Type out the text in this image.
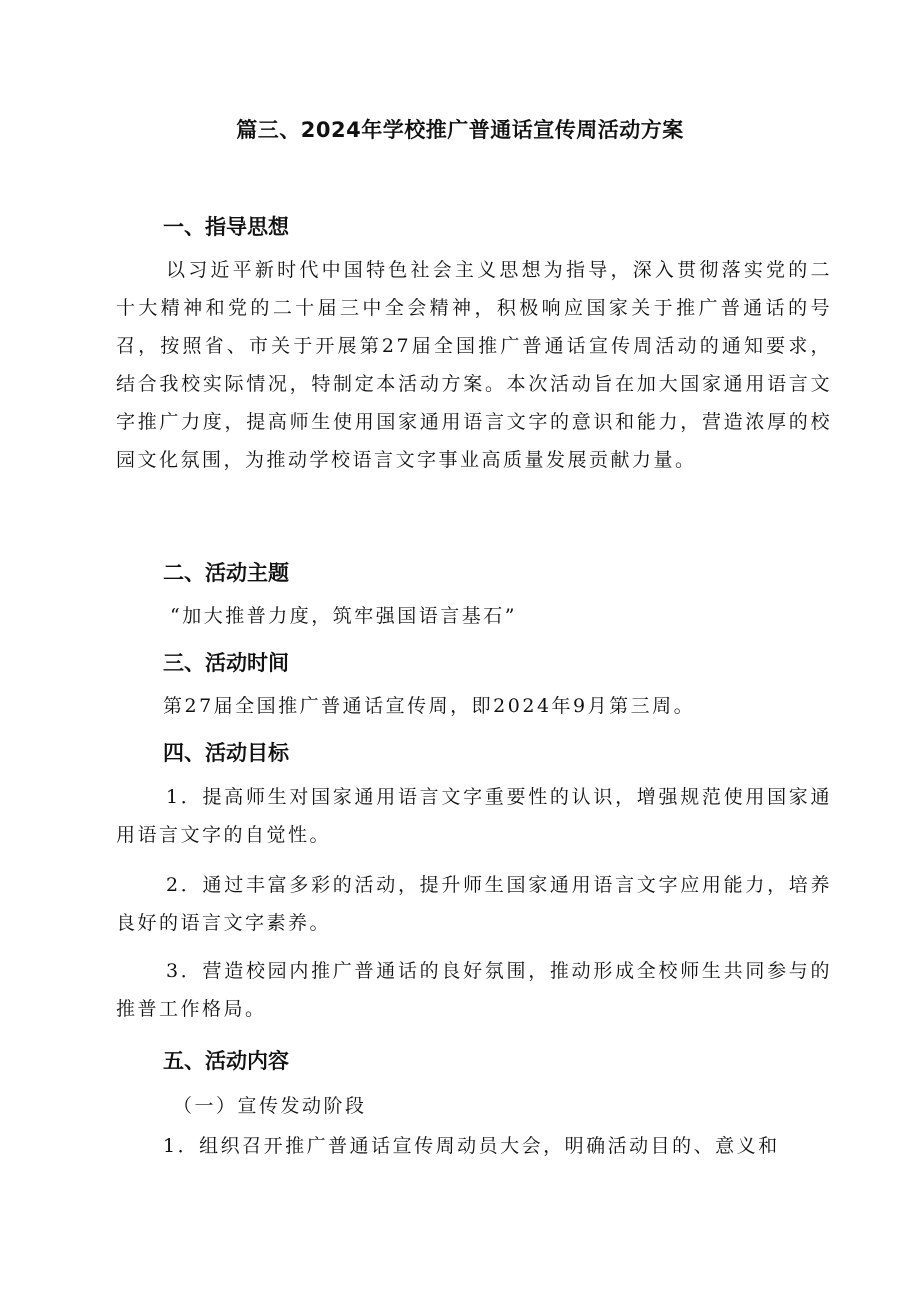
篇三、2024年学校推广普通话宣传周活动方案
一、指导思想

以习近平新时代中国特色社会主义思想为指导，深入贯彻落实党的二十大精神和党的二十届三中全会精神，积极响应国家关于推广普通话的号召，按照省、市关于开展第27届全国推广普通话宣传周活动的通知要求，结合我校实际情况，特制定本活动方案。本次活动旨在加大国家通用语言文字推广力度，提高师生使用国家通用语言文字的意识和能力，营造浓厚的校园文化氛围，为推动学校语言文字事业高质量发展贡献力量。

二、活动主题
“加大推普力度，筑牢强国语言基石”
三、活动时间
第27届全国推广普通话宣传周，即2024年9月第三周。
四、活动目标

1．提高师生对国家通用语言文字重要性的认识，增强规范使用国家通用语言文字的自觉性。

2．通过丰富多彩的活动，提升师生国家通用语言文字应用能力，培养良好的语言文字素养。

3．营造校园内推广普通话的良好氛围，推动形成全校师生共同参与的推普工作格局。

五、活动内容
（一）宣传发动阶段
1．组织召开推广普通话宣传周动员大会，明确活动目的、意义和
